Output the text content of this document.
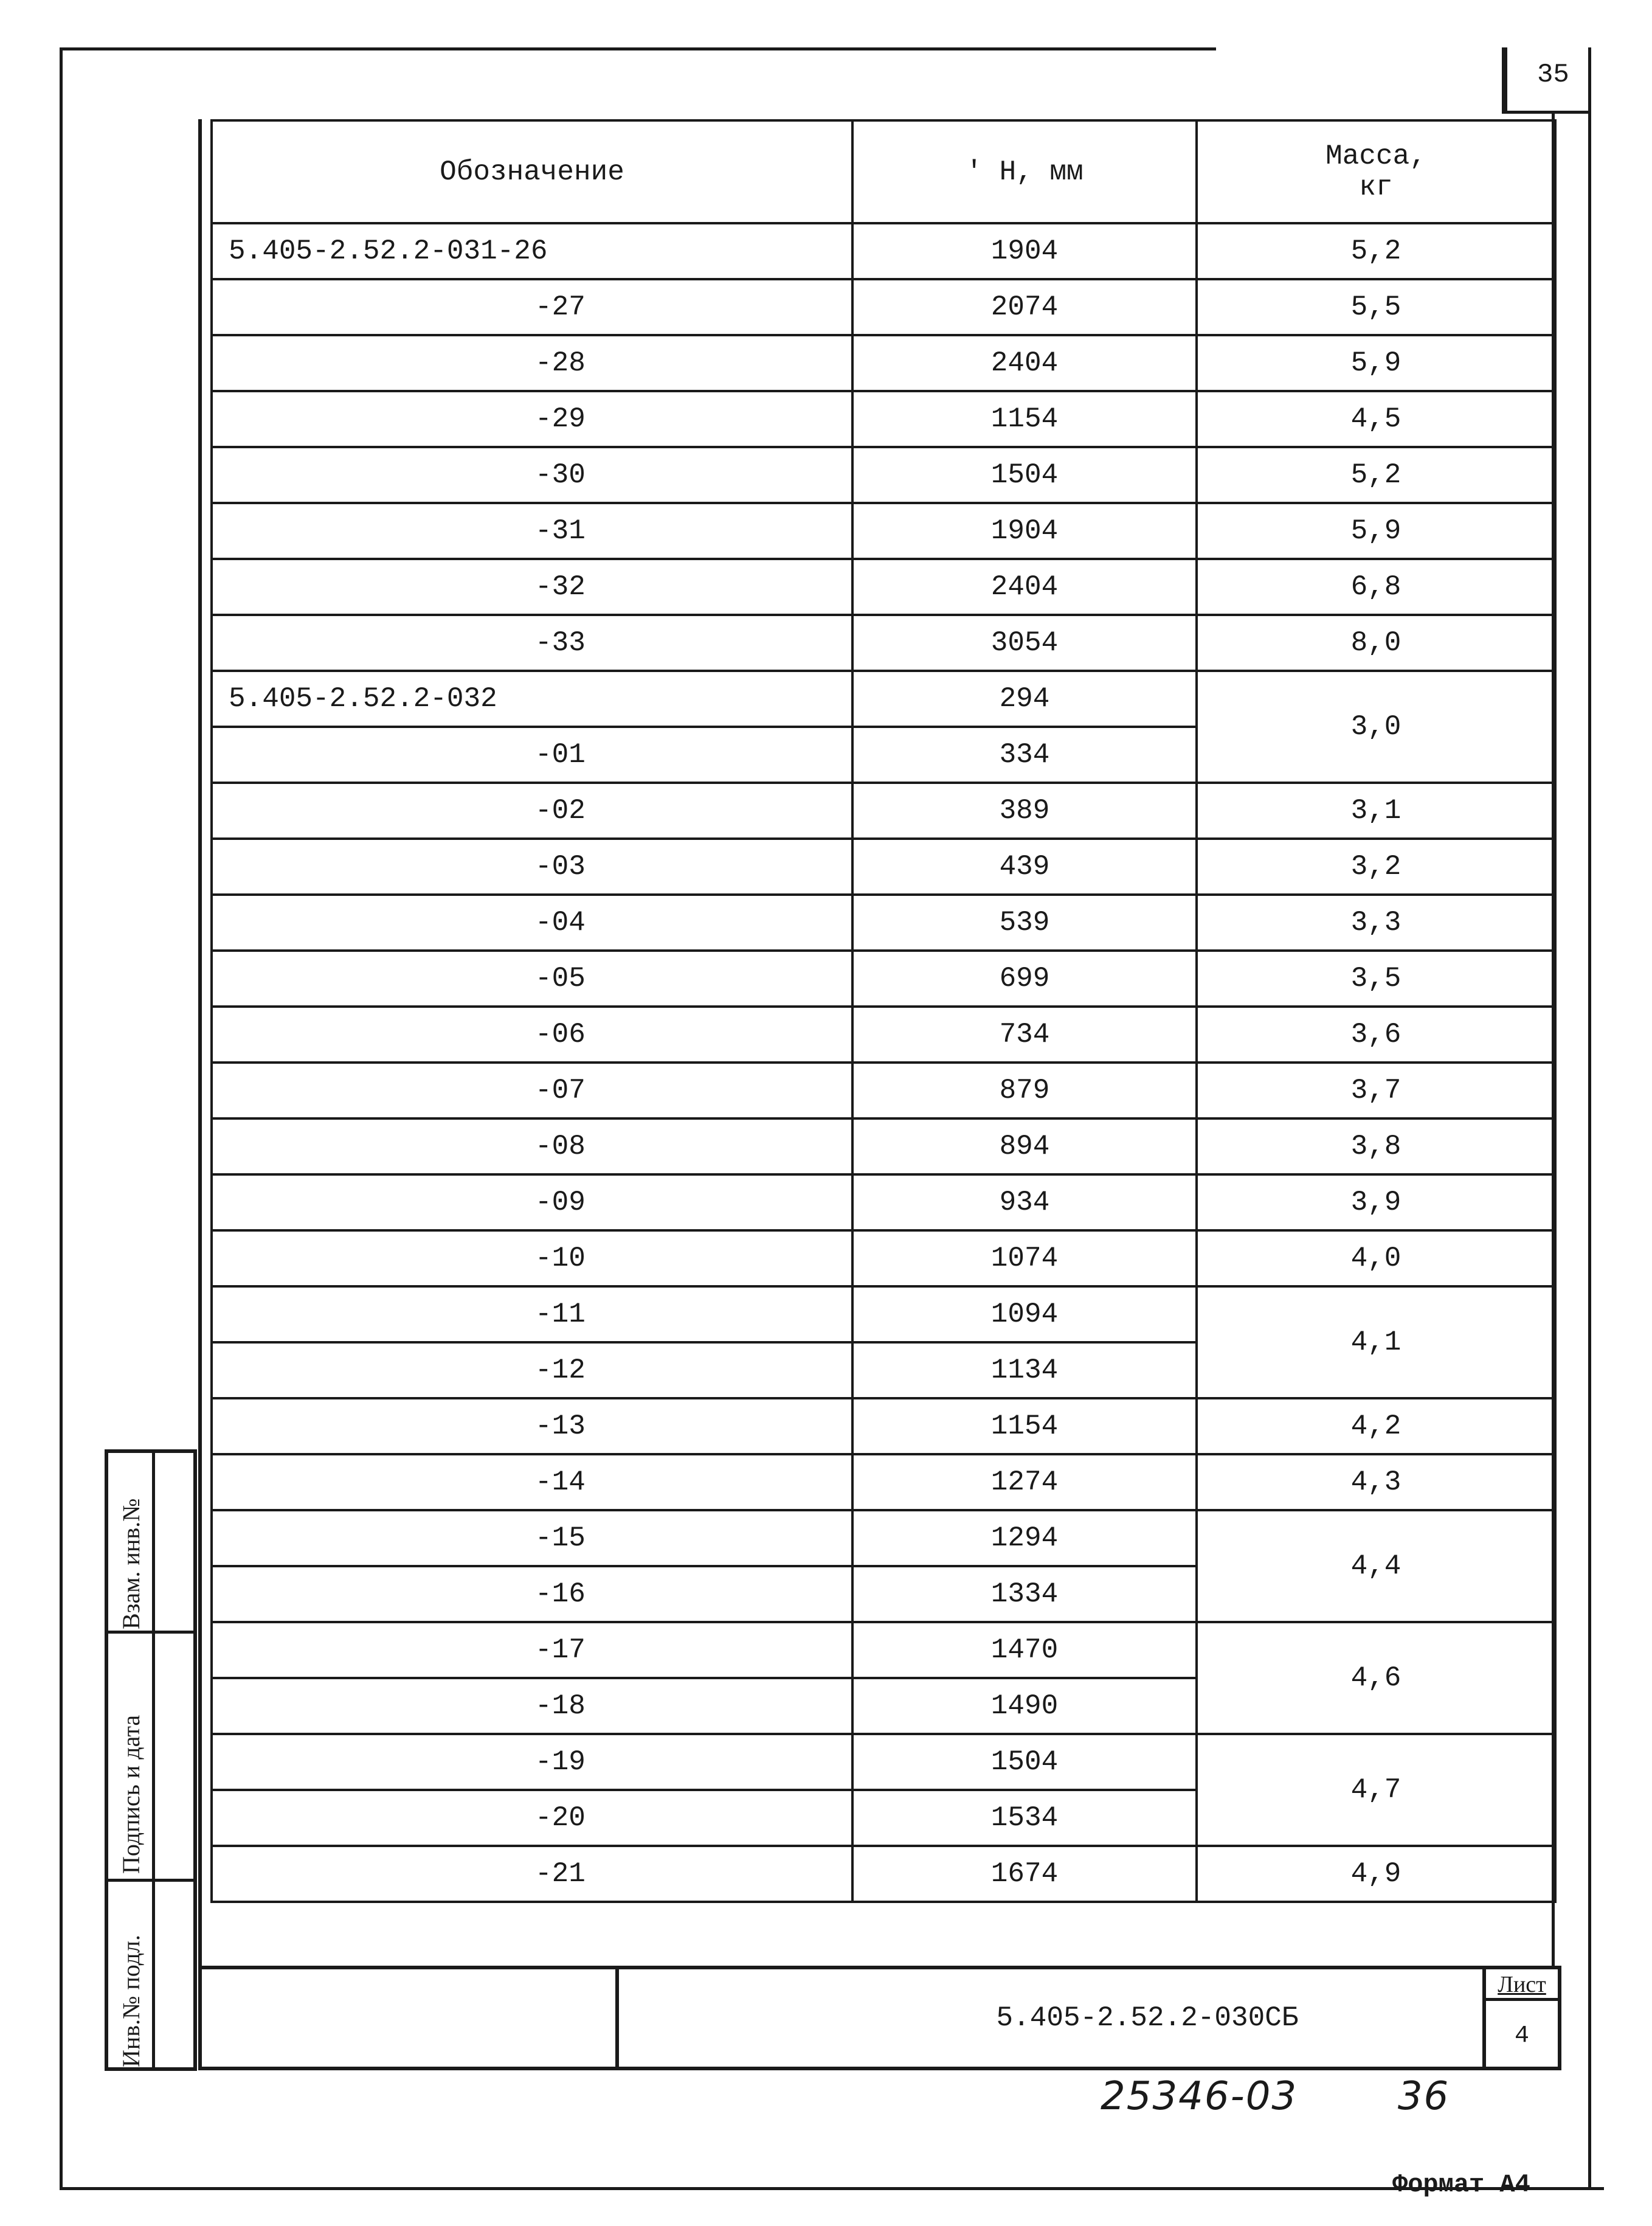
35
Обозначение	' Н, мм	Масса,
кг

5.405-2.52.2-031-26	1904	5,2
-27	2074	5,5
-28	2404	5,9
-29	1154	4,5
-30	1504	5,2
-31	1904	5,9
-32	2404	6,8
-33	3054	8,0
5.405-2.52.2-032	294	3,0
-01	334	
-02	389	3,1
-03	439	3,2
-04	539	3,3
-05	699	3,5
-06	734	3,6
-07	879	3,7
-08	894	3,8
-09	934	3,9
-10	1074	4,0
-11	1094	4,1
-12	1134	
-13	1154	4,2
-14	1274	4,3
-15	1294	4,4
-16	1334	
-17	1470	4,6
-18	1490	
-19	1504	4,7
-20	1534	
-21	1674	4,9
5.405-2.52.2-030СБ
Лист
4
Взам. инв.№
Подпись и дата
Инв.№ подл.
25346-03	36
Формат А4
